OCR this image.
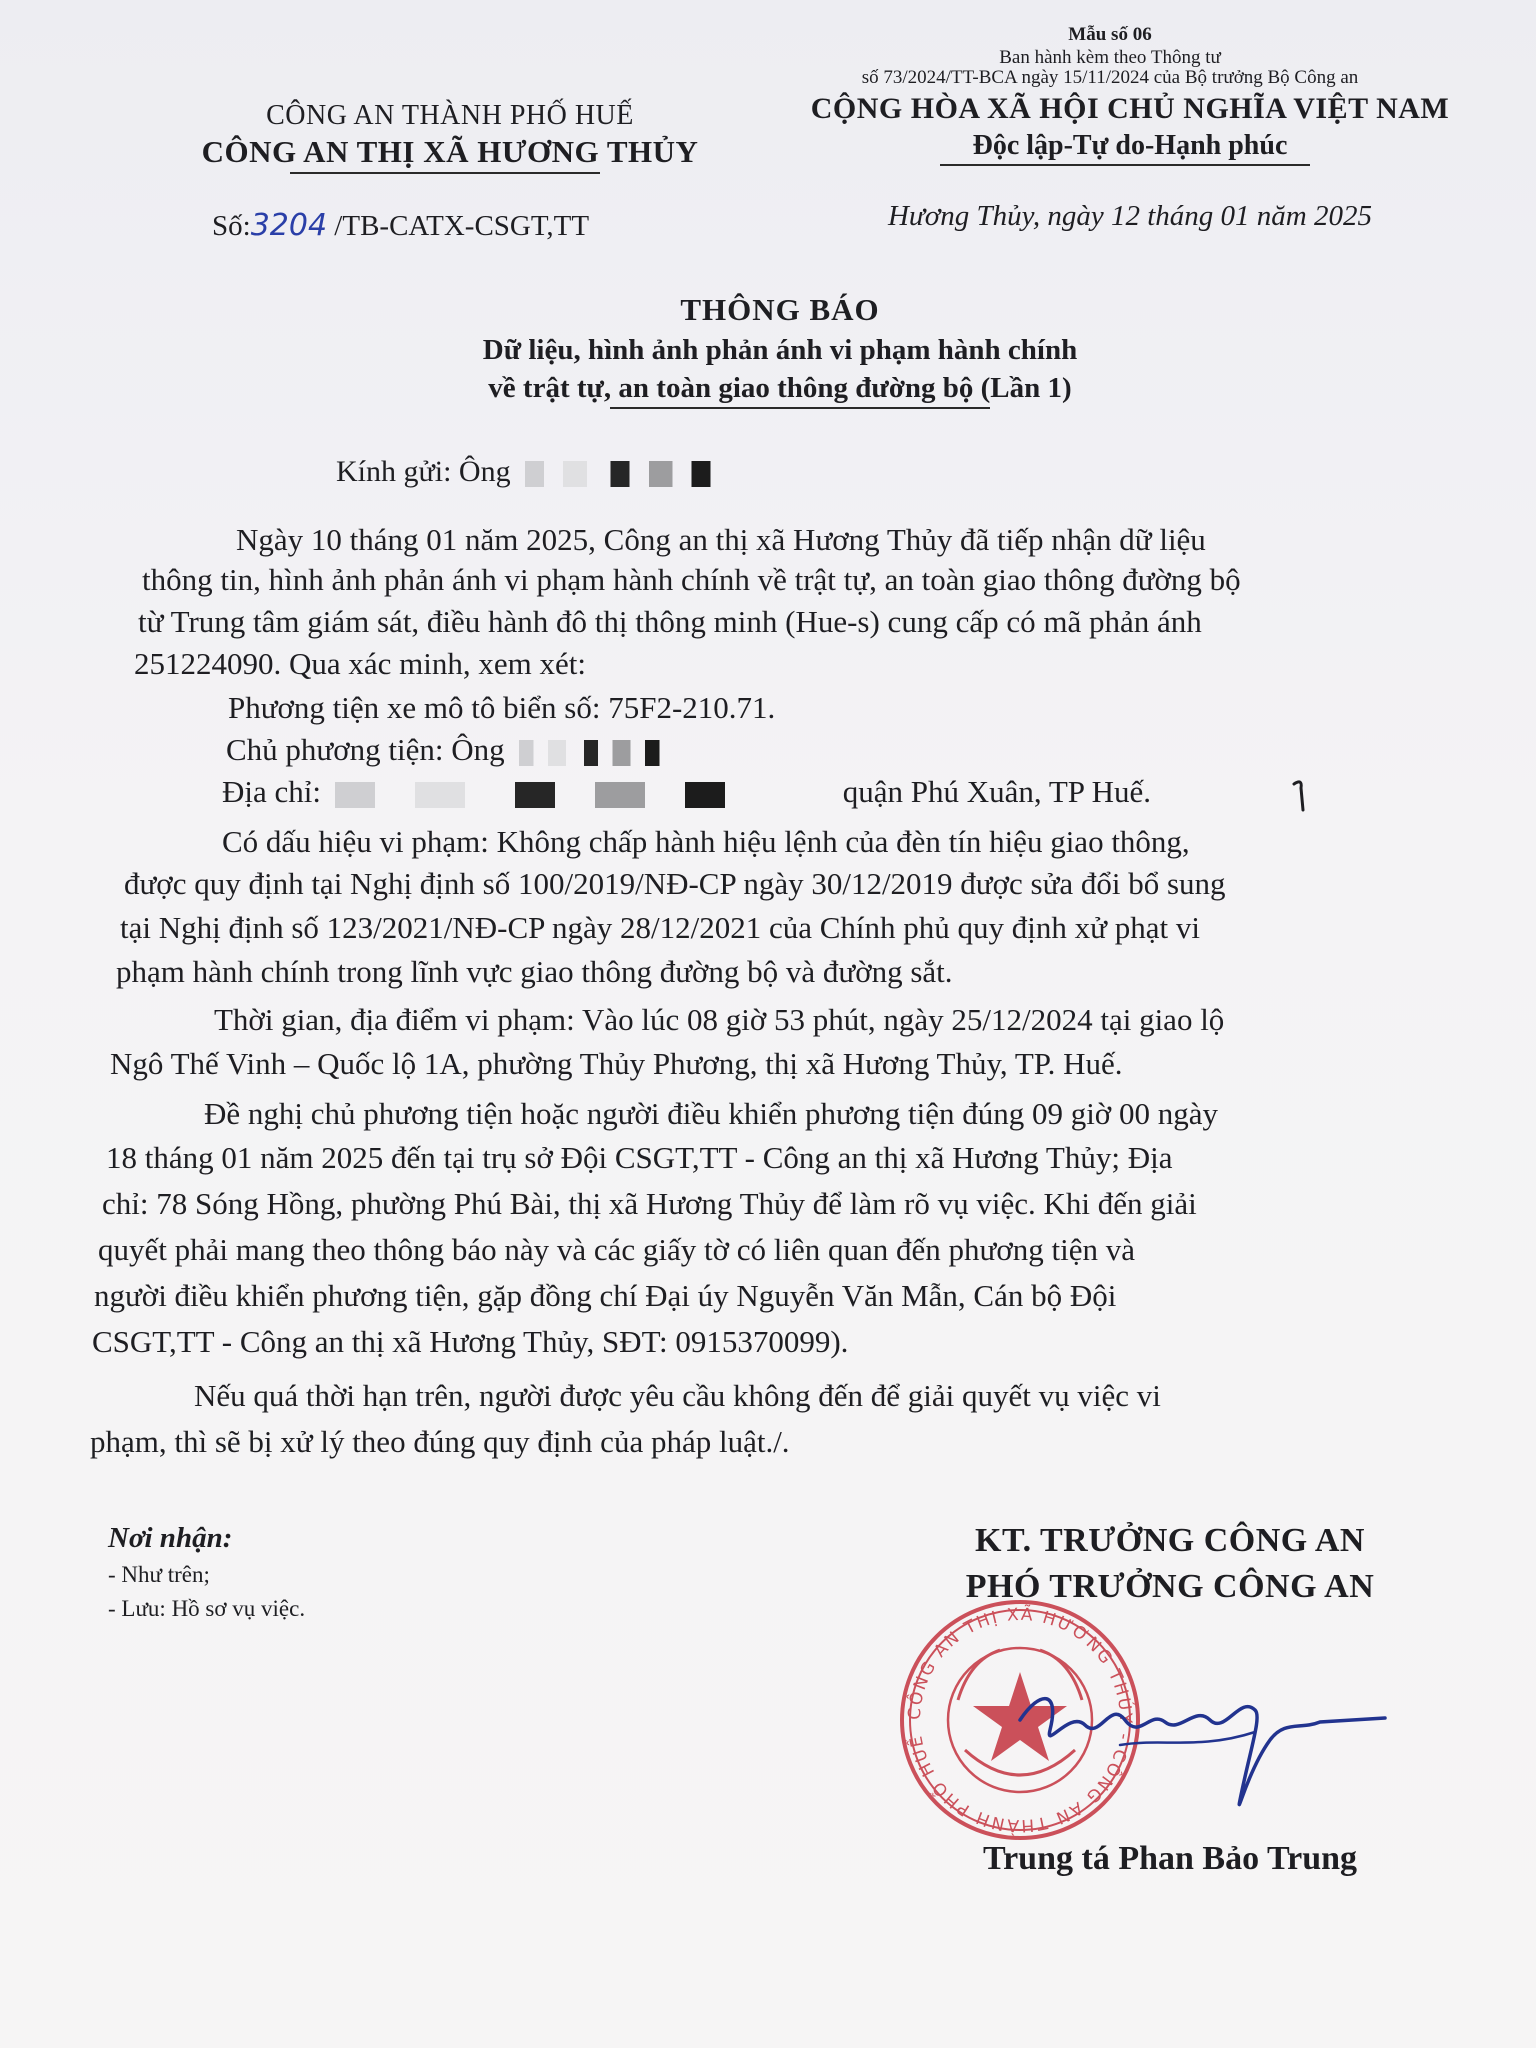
CÔNG AN THÀNH PHỐ HUẾ
CÔNG AN THỊ XÃ HƯƠNG THỦY
Số:3204 /TB-CATX-CSGT,TT
Mẫu số 06
Ban hành kèm theo Thông tư
số 73/2024/TT-BCA ngày 15/11/2024 của Bộ trưởng Bộ Công an
CỘNG HÒA XÃ HỘI CHỦ NGHĨA VIỆT NAM
Độc lập-Tự do-Hạnh phúc
Hương Thủy, ngày 12 tháng 01 năm 2025
THÔNG BÁO
Dữ liệu, hình ảnh phản ánh vi phạm hành chính
về trật tự, an toàn giao thông đường bộ (Lần 1)
Kính gửi: Ông
Ngày 10 tháng 01 năm 2025, Công an thị xã Hương Thủy đã tiếp nhận dữ liệu
thông tin, hình ảnh phản ánh vi phạm hành chính về trật tự, an toàn giao thông đường bộ
từ Trung tâm giám sát, điều hành đô thị thông minh (Hue-s) cung cấp có mã phản ánh
251224090. Qua xác minh, xem xét:
Phương tiện xe mô tô biển số: 75F2-210.71.
Chủ phương tiện: Ông
Địa chỉ:	quận Phú Xuân, TP Huế.
Có dấu hiệu vi phạm: Không chấp hành hiệu lệnh của đèn tín hiệu giao thông,
được quy định tại Nghị định số 100/2019/NĐ-CP ngày 30/12/2019 được sửa đổi bổ sung
tại Nghị định số 123/2021/NĐ-CP ngày 28/12/2021 của Chính phủ quy định xử phạt vi
phạm hành chính trong lĩnh vực giao thông đường bộ và đường sắt.
Thời gian, địa điểm vi phạm: Vào lúc 08 giờ 53 phút, ngày 25/12/2024 tại giao lộ
Ngô Thế Vinh – Quốc lộ 1A, phường Thủy Phương, thị xã Hương Thủy, TP. Huế.
Đề nghị chủ phương tiện hoặc người điều khiển phương tiện đúng 09 giờ 00 ngày
18 tháng 01 năm 2025 đến tại trụ sở Đội CSGT,TT - Công an thị xã Hương Thủy; Địa
chỉ: 78 Sóng Hồng, phường Phú Bài, thị xã Hương Thủy để làm rõ vụ việc. Khi đến giải
quyết phải mang theo thông báo này và các giấy tờ có liên quan đến phương tiện và
người điều khiển phương tiện, gặp đồng chí Đại úy Nguyễn Văn Mẫn, Cán bộ Đội
CSGT,TT - Công an thị xã Hương Thủy, SĐT: 0915370099).
Nếu quá thời hạn trên, người được yêu cầu không đến để giải quyết vụ việc vi
phạm, thì sẽ bị xử lý theo đúng quy định của pháp luật./.
Nơi nhận:
- Như trên;
- Lưu: Hồ sơ vụ việc.
KT. TRƯỞNG CÔNG AN
PHÓ TRƯỞNG CÔNG AN
CÔNG AN THỊ XÃ HƯƠNG THỦY - CÔNG AN THÀNH PHỐ HUẾ
Trung tá Phan Bảo Trung
